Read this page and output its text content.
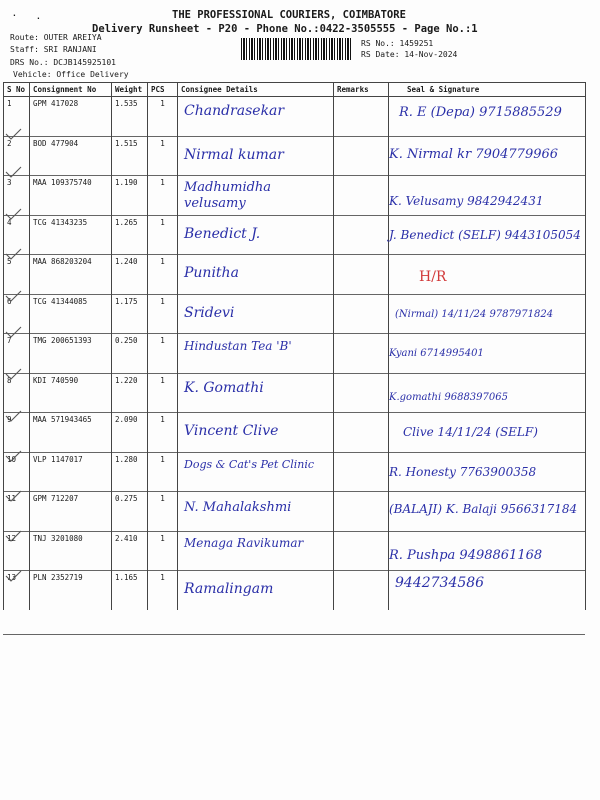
THE PROFESSIONAL COURIERS, COIMBATORE
Delivery Runsheet - P20 - Phone No.:0422-3505555 - Page No.:1
. .
Route: OUTER AREIYA
Staff: SRI RANJANI
DRS No.: DCJB145925101
Vehicle: Office Delivery
RS No.: 1459251
RS Date: 14-Nov-2024
S No	Consignment No	Weight	PCS	Consignee Details	Remarks	Seal & Signature
1	GPM 417028	1.535	1	Chandrasekar		R. E (Depa) 9715885529

2	BOD 477904	1.515	1	Nirmal kumar		K. Nirmal kr 7904779966

3	MAA 109375740	1.190	1	Madhumidha velusamy		K. Velusamy 9842942431

4	TCG 41343235	1.265	1	Benedict J.		J. Benedict (SELF) 9443105054

5	MAA 868203204	1.240	1	Punitha		H/R

6	TCG 41344085	1.175	1	Sridevi		(Nirmal) 14/11/24 9787971824

7	TMG 200651393	0.250	1	Hindustan Tea 'B'		Kyani 6714995401

8	KDI 740590	1.220	1	K. Gomathi		K.gomathi 9688397065

9	MAA 571943465	2.090	1	Vincent Clive		Clive 14/11/24 (SELF)

10	VLP 1147017	1.280	1	Dogs & Cat's Pet Clinic		R. Honesty 7763900358

11	GPM 712207	0.275	1	N. Mahalakshmi		(BALAJI) K. Balaji 9566317184

12	TNJ 3201080	2.410	1	Menaga Ravikumar		R. Pushpa 9498861168

13	PLN 2352719	1.165	1	Ramalingam		9442734586
